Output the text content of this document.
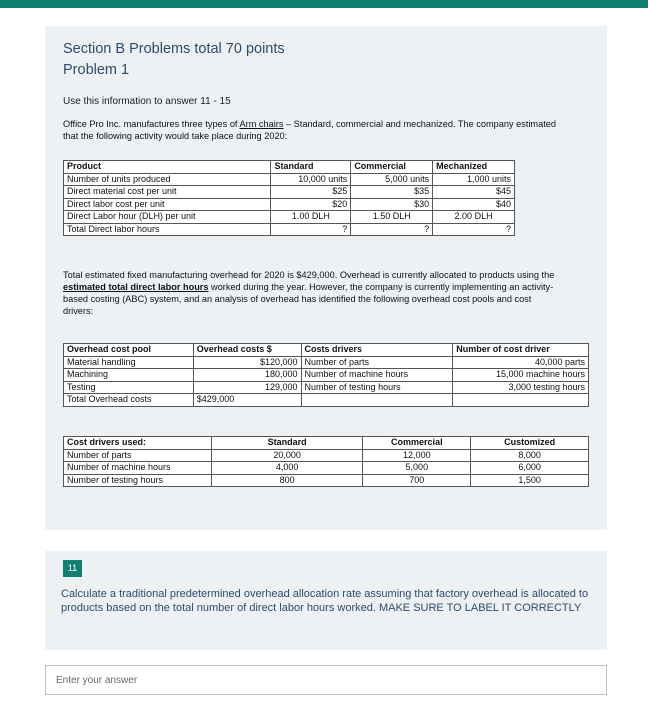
Section B Problems total 70 points
Problem 1
Use this information to answer 11 - 15
Office Pro Inc. manufactures three types of Arm chairs – Standard, commercial and mechanized. The company estimated that the following activity would take place during 2020:
Product	Standard	Commercial	Mechanized
Number of units produced	10,000 units	5,000 units	1,000 units
Direct material cost per unit	$25	$35	$45
Direct labor cost per unit	$20	$30	$40
Direct Labor hour (DLH) per unit	1.00 DLH	1.50 DLH	2.00 DLH
Total Direct labor hours	?	?	?
Total estimated fixed manufacturing overhead for 2020 is $429,000. Overhead is currently allocated to products using the estimated total direct labor hours worked during the year. However, the company is currently implementing an activity-based costing (ABC) system, and an analysis of overhead has identified the following overhead cost pools and cost drivers:
Overhead cost pool	Overhead costs $	Costs drivers	Number of cost driver
Material handling	$120,000	Number of parts	40,000 parts
Machining	180,000	Number of machine hours	15,000 machine hours
Testing	129,000	Number of testing hours	3,000 testing hours
Total Overhead costs	$429,000		
Cost drivers used:	Standard	Commercial	Customized
Number of parts	20,000	12,000	8,000
Number of machine hours	4,000	5,000	6,000
Number of testing hours	800	700	1,500
11
Calculate a traditional predetermined overhead allocation rate assuming that factory overhead is allocated to products based on the total number of direct labor hours worked. MAKE SURE TO LABEL IT CORRECTLY
Enter your answer
